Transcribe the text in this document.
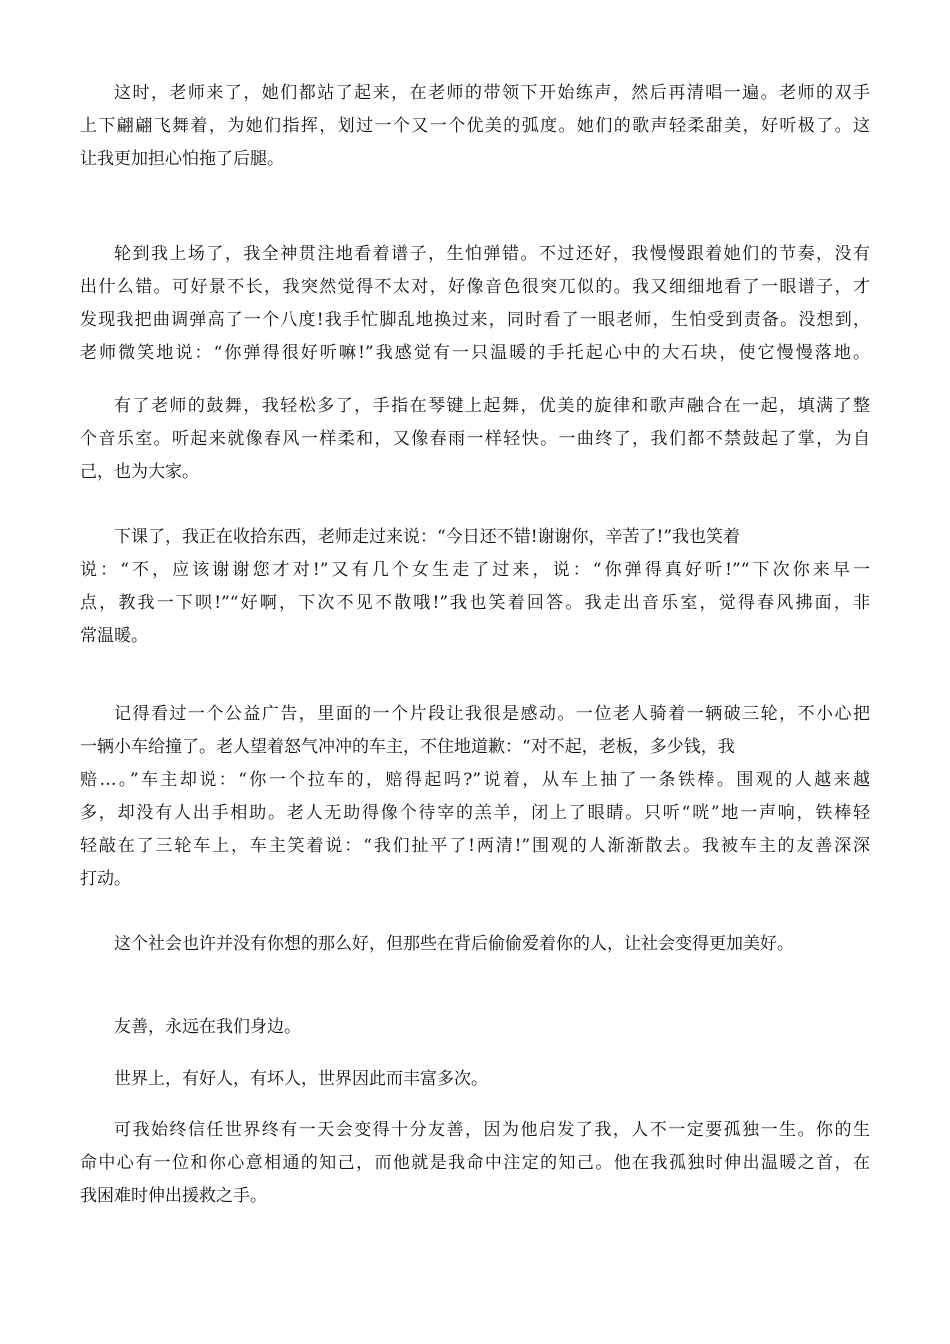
这时，老师来了，她们都站了起来，在老师的带领下开始练声，然后再清唱一遍。老师的双手
上下翩翩飞舞着，为她们指挥，划过一个又一个优美的弧度。她们的歌声轻柔甜美，好听极了。这
让我更加担心怕拖了后腿。
轮到我上场了，我全神贯注地看着谱子，生怕弹错。不过还好，我慢慢跟着她们的节奏，没有
出什么错。可好景不长，我突然觉得不太对，好像音色很突兀似的。我又细细地看了一眼谱子，才
发现我把曲调弹高了一个八度!我手忙脚乱地换过来，同时看了一眼老师，生怕受到责备。没想到，
老师微笑地说：“你弹得很好听嘛!”我感觉有一只温暖的手托起心中的大石块，使它慢慢落地。
有了老师的鼓舞，我轻松多了，手指在琴键上起舞，优美的旋律和歌声融合在一起，填满了整
个音乐室。听起来就像春风一样柔和，又像春雨一样轻快。一曲终了，我们都不禁鼓起了掌，为自
己，也为大家。
下课了，我正在收拾东西，老师走过来说：“今日还不错!谢谢你，辛苦了!”我也笑着
说：“不，应该谢谢您才对!”又有几个女生走了过来，说：“你弹得真好听!”“下次你来早一
点，教我一下呗!”“好啊，下次不见不散哦!”我也笑着回答。我走出音乐室，觉得春风拂面，非
常温暖。
记得看过一个公益广告，里面的一个片段让我很是感动。一位老人骑着一辆破三轮，不小心把
一辆小车给撞了。老人望着怒气冲冲的车主，不住地道歉：“对不起，老板，多少钱，我
赔…。”车主却说：“你一个拉车的，赔得起吗?”说着，从车上抽了一条铁棒。围观的人越来越
多，却没有人出手相助。老人无助得像个待宰的羔羊，闭上了眼睛。只听“咣”地一声响，铁棒轻
轻敲在了三轮车上，车主笑着说：“我们扯平了!两清!”围观的人渐渐散去。我被车主的友善深深
打动。
这个社会也许并没有你想的那么好，但那些在背后偷偷爱着你的人，让社会变得更加美好。
友善，永远在我们身边。
世界上，有好人，有坏人，世界因此而丰富多次。
可我始终信任世界终有一天会变得十分友善，因为他启发了我，人不一定要孤独一生。你的生
命中心有一位和你心意相通的知己，而他就是我命中注定的知己。他在我孤独时伸出温暖之首，在
我困难时伸出援救之手。
